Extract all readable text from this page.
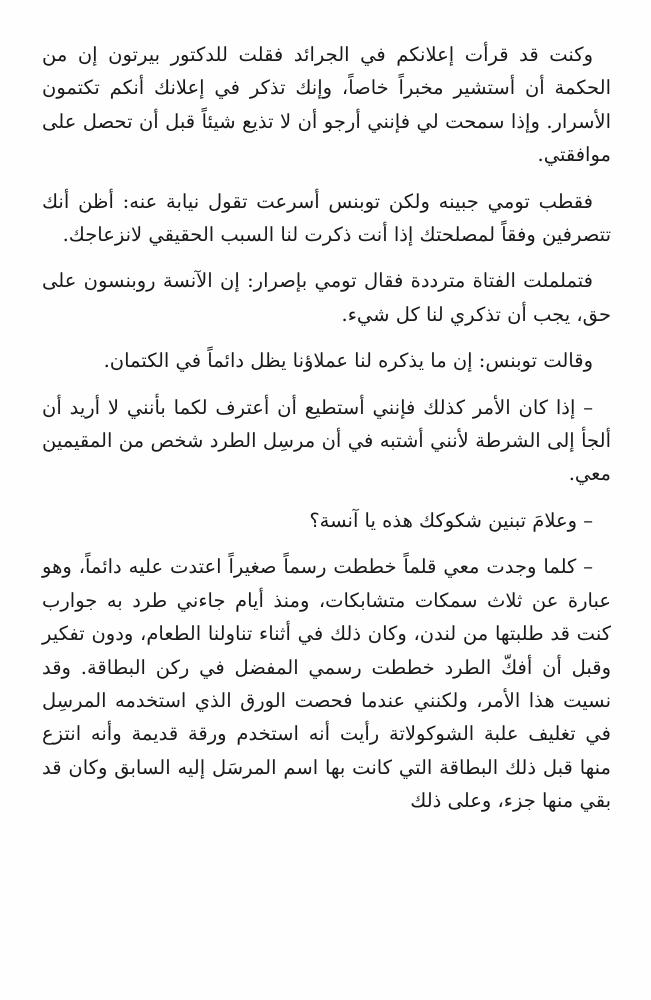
وكنت قد قرأت إعلانكم في الجرائد فقلت للدكتور بيرتون إن من الحكمة أن أستشير مخبراً خاصاً، وإنك تذكر في إعلانك أنكم تكتمون الأسرار. وإذا سمحت لي فإنني أرجو أن لا تذيع شيئاً قبل أن تحصل على موافقتي.

فقطب تومي جبينه ولكن توبنس أسرعت تقول نيابة عنه: أظن أنك تتصرفين وفقاً لمصلحتك إذا أنت ذكرت لنا السبب الحقيقي لانزعاجك.

فتململت الفتاة مترددة فقال تومي بإصرار: إن الآنسة روبنسون على حق، يجب أن تذكري لنا كل شيء.

وقالت توبنس: إن ما يذكره لنا عملاؤنا يظل دائماً في الكتمان.

– إذا كان الأمر كذلك فإنني أستطيع أن أعترف لكما بأنني لا أريد أن ألجأ إلى الشرطة لأنني أشتبه في أن مرسِل الطرد شخص من المقيمين معي.

– وعلامَ تبنين شكوكك هذه يا آنسة؟

– كلما وجدت معي قلماً خططت رسماً صغيراً اعتدت عليه دائماً، وهو عبارة عن ثلاث سمكات متشابكات، ومنذ أيام جاءني طرد به جوارب كنت قد طلبتها من لندن، وكان ذلك في أثناء تناولنا الطعام، ودون تفكير وقبل أن أفكّ الطرد خططت رسمي المفضل في ركن البطاقة. وقد نسيت هذا الأمر، ولكنني عندما فحصت الورق الذي استخدمه المرسِل في تغليف علبة الشوكولاتة رأيت أنه استخدم ورقة قديمة وأنه انتزع منها قبل ذلك البطاقة التي كانت بها اسم المرسَل إليه السابق وكان قد بقي منها جزء، وعلى ذلك
